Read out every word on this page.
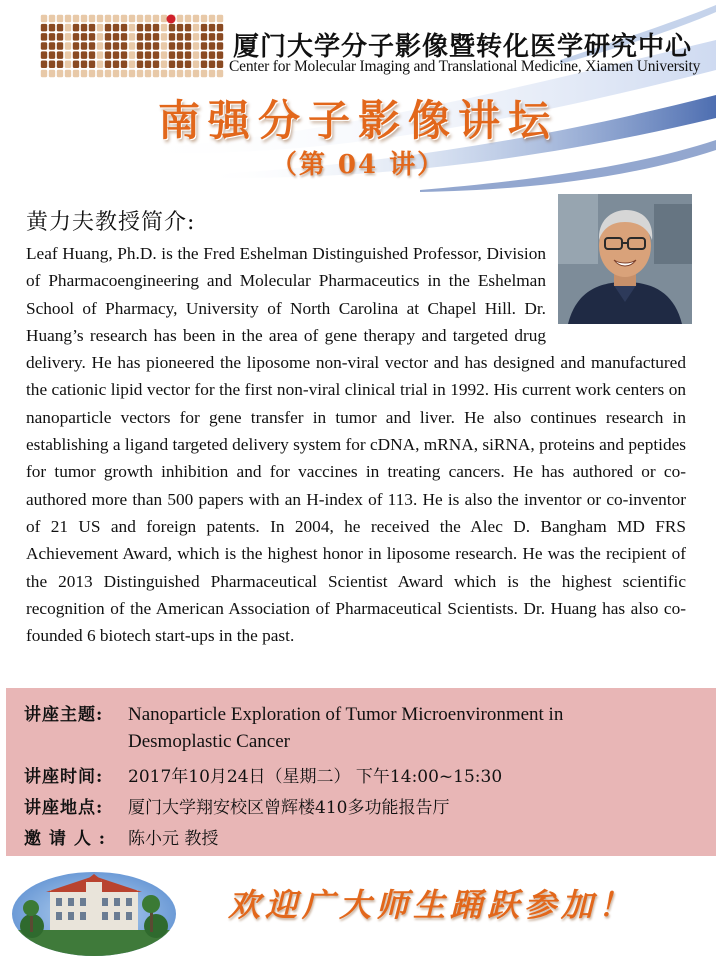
厦门大学分子影像暨转化医学研究中心
Center for Molecular Imaging and Translational Medicine, Xiamen University
南强分子影像讲坛
（第 04 讲）
黄力夫教授简介:
Leaf Huang, Ph.D. is the Fred Eshelman Distinguished Professor, Division of Pharmacoengineering and Molecular Pharmaceutics in the Eshelman School of Pharmacy, University of North Carolina at Chapel Hill. Dr. Huang’s research has been in the area of gene therapy and targeted drug delivery. He has pioneered the liposome non-viral vector and has designed and manufactured the cationic lipid vector for the first non-viral clinical trial in 1992. His current work centers on nanoparticle vectors for gene transfer in tumor and liver. He also continues research in establishing a ligand targeted delivery system for cDNA, mRNA, siRNA, proteins and peptides for tumor growth inhibition and for vaccines in treating cancers. He has authored or co-authored more than 500 papers with an H-index of 113. He is also the inventor or co-inventor of 21 US and foreign patents. In 2004, he received the Alec D. Bangham MD FRS Achievement Award, which is the highest honor in liposome research. He was the recipient of the 2013 Distinguished Pharmaceutical Scientist Award which is the highest scientific recognition of the American Association of Pharmaceutical Scientists. Dr. Huang has also co-founded 6 biotech start-ups in the past.
讲座主题: Nanoparticle Exploration of Tumor Microenvironment in
Desmoplastic Cancer
讲座时间: 2017年10月24日（星期二） 下午14:00~15:30
讲座地点: 厦门大学翔安校区曾辉楼410多功能报告厅
邀 请 人 : 陈小元 教授
欢迎广大师生踊跃参加！
